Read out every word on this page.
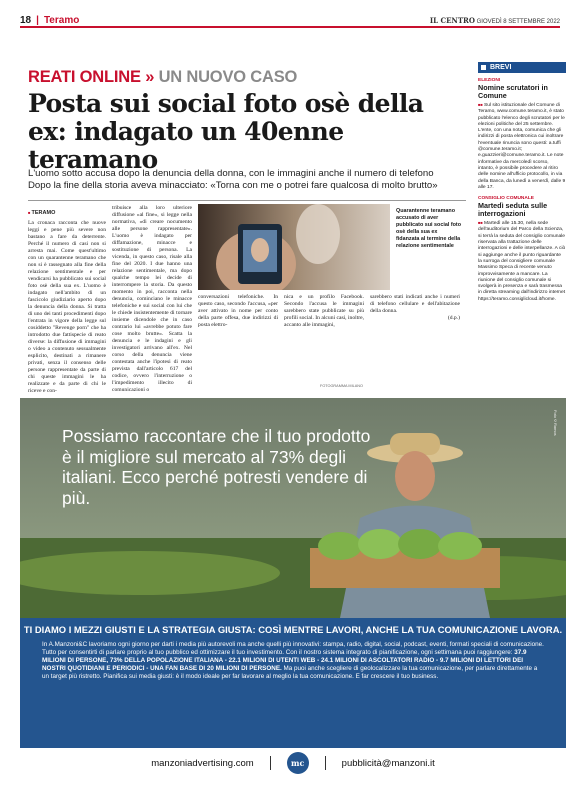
18 | Teramo	IL CENTRO GIOVEDÌ 8 SETTEMBRE 2022
REATI ONLINE » UN NUOVO CASO
Posta sui social foto osè della ex: indagato un 40enne teramano
L'uomo sotto accusa dopo la denuncia della donna, con le immagini anche il numero di telefono
Dopo la fine della storia aveva minacciato: «Torna con me o potrei fare qualcosa di molto brutto»
■ TERAMO

La cronaca racconta che nuove leggi e pene più severe non bastano a fare da deterrente. Perché il numero di casi non si arresta mai. Come quest'ultimo con un quarantenne teramano che non si è rassegnato alla fine della relazione sentimentale e per vendicarsi ha pubblicato sui social foto osè della sua ex. L'uomo è indagato nell'ambito di un fascicolo giudiziario aperto dopo la denuncia della donna. Si tratta di uno dei tanti procedimenti dopo l'entrata in vigore della legge sul cosiddetto "Revenge porn" che ha introdotto due fattispecie di reato diverse: la diffusione di immagini o video a contenuto sessualmente esplicito, destinati a rimanere privati, senza il consenso delle persone rappresentate da parte di chi queste immagini le ha realizzate e da parte di chi le riceve e con-

tribuisce alla loro ulteriore diffusione «al fine», si legge nella normativa, «di creare nocumento alle persone rappresentate». L'uomo è indagato per diffamazione, minacce e sostituzione di persona. La vicenda, in questo caso, risale alla fine del 2020. I due hanno una relazione sentimentale, ma dopo qualche tempo lei decide di interrompere la storia. Da questo momento in poi, racconta nella denuncia, cominciano le minacce telefoniche e sui social con lui che le chiede insistentemente di tornare insieme dicendole che in caso contrario lui «avrebbe potuto fare cose molto brutte». Scatta la denuncia e le indagini e gli investigatori arrivano all'ex. Nel corso della denuncia viene contestata anche l'ipotesi di reato prevista dall'articolo 617 del codice, ovvero l'interruzione o l'impedimento illecito di comunicazioni o

Quarantenne teramano accusato di aver pubblicato sui social foto osè della sua ex fidanzata al termine della relazione sentimentale

conversazioni telefoniche. In questo caso, secondo l'accusa, «per aver attivato in nome per conto della parte offesa, due indirizzi di posta elettro-

nica e un profilo Facebook. Secondo l'accusa le immagini sarebbero state pubblicate su più profili social. In alcuni casi, inoltre, accanto alle immagini,

sarebbero stati indicati anche i numeri di telefono cellulare e dell'abitazione della donna.

(d.p.)

FOTOGRAMMA MILANO
BREVI
ELEZIONI
Nomine scrutatori in Comune
■■ Sul sito istituzionale del Comune di Teramo, www.comune.teramo.it, è stato pubblicato l'elenco degli scrutatori per le elezioni politiche del 25 settembre. L'ente, con una nota, comunica che gli indirizzi di posta elettronica cui inoltrare l'eventuale rinuncia sono questi: a.tuffi @comune.teramo.it; e.guazzieri@comune.teramo.it. Le note informative da mercoledì scorso, intanto, è possibile procedere al ritiro delle nomine all'ufficio protocollo, in via della Banca, da lunedì a venerdì, dalle 9 alle 17.
CONSIGLIO COMUNALE
Martedì seduta sulle interrogazioni
■■ Martedì alle 15.30, nella sede dell'auditorium del Parco della Scienza, si terrà la seduta del consiglio comunale riservata alla trattazione delle interrogazioni e delle interpellanze. A ciò si aggiunge anche il punto riguardante la surroga del consigliere comunale Massimo Speca di recente venuto improvvisamente a mancare. La riunione del consiglio comunale si svolgerà in presenza e sarà trasmessa in diretta streaming dall'indirizzo internet https://teramo.consiglicloud.it/home.
Possiamo raccontare che il tuo prodotto è il migliore sul mercato al 73% degli italiani. Ecco perché potresti vendere di più.
Foto©Ramos
TI DIAMO I MEZZI GIUSTI E LA STRATEGIA GIUSTA: COSÌ MENTRE LAVORI, ANCHE LA TUA COMUNICAZIONE LAVORA.
In A.Manzoni&C lavoriamo ogni giorno per darti i media più autorevoli ma anche quelli più innovativi: stampa, radio, digital, social, podcast, eventi, formati speciali di comunicazione. Tutto per consentirti di parlare proprio al tuo pubblico ed ottimizzare il tuo investimento. Con il nostro sistema integrato di pianificazione, ogni settimana puoi raggiungere: 37.9 MILIONI DI PERSONE, 73% DELLA POPOLAZIONE ITALIANA - 22.1 MILIONI DI UTENTI WEB - 24.1 MILIONI DI ASCOLTATORI RADIO - 9.7 MILIONI DI LETTORI DEI NOSTRI QUOTIDIANI E PERIODICI - UNA FAN BASE DI 20 MILIONI DI PERSONE. Ma puoi anche scegliere di geolocalizzare la tua comunicazione, per parlare direttamente a un target più ristretto. Pianifica sui media giusti: è il modo ideale per far lavorare al meglio la tua comunicazione. E far crescere il tuo business.
manzoniadvertising.com	mc	pubblicità@manzoni.it
